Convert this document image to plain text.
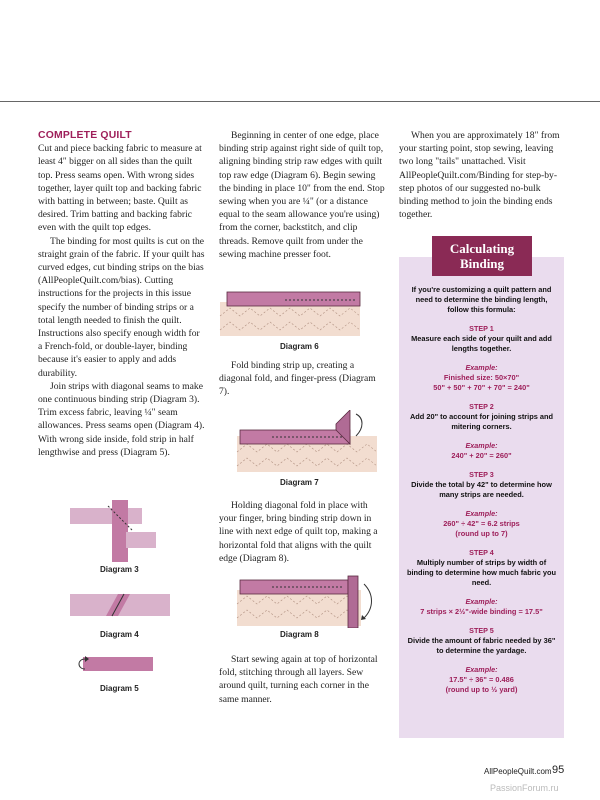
COMPLETE QUILT

Cut and piece backing fabric to measure at least 4" bigger on all sides than the quilt top. Press seams open. With wrong sides together, layer quilt top and backing fabric with batting in between; baste. Quilt as desired. Trim batting and backing fabric even with the quilt top edges.

The binding for most quilts is cut on the straight grain of the fabric. If your quilt has curved edges, cut binding strips on the bias (AllPeopleQuilt.com/bias). Cutting instructions for the projects in this issue specify the number of binding strips or a total length needed to finish the quilt. Instructions also specify enough width for a French-fold, or double-layer, binding because it's easier to apply and adds durability.

Join strips with diagonal seams to make one continuous binding strip (Diagram 3). Trim excess fabric, leaving ¼" seam allowances. Press seams open (Diagram 4). With wrong side inside, fold strip in half lengthwise and press (Diagram 5).

Diagram 3
Diagram 4
Diagram 5

Beginning in center of one edge, place binding strip against right side of quilt top, aligning binding strip raw edges with quilt top raw edge (Diagram 6). Begin sewing the binding in place 10" from the end. Stop sewing when you are ¼" (or a distance equal to the seam allowance you're using) from the corner, backstitch, and clip threads. Remove quilt from under the sewing machine presser foot.

Diagram 6

Fold binding strip up, creating a diagonal fold, and finger-press (Diagram 7).

Diagram 7

Holding diagonal fold in place with your finger, bring binding strip down in line with next edge of quilt top, making a horizontal fold that aligns with the quilt edge (Diagram 8).

Diagram 8

Start sewing again at top of horizontal fold, stitching through all layers. Sew around quilt, turning each corner in the same manner.

When you are approximately 18" from your starting point, stop sewing, leaving two long "tails" unattached. Visit AllPeopleQuilt.com/Binding for step-by-step photos of our suggested no-bulk binding method to join the binding ends together.

Calculating
Binding
If you're customizing a quilt pattern and need to determine the binding length, follow this formula:
STEP 1
Measure each side of your quilt and add lengths together.
Example:
Finished size: 50×70"
50" + 50" + 70" + 70" = 240"
STEP 2
Add 20" to account for joining strips and mitering corners.
Example:
240" + 20" = 260"
STEP 3
Divide the total by 42" to determine how many strips are needed.
Example:
260" ÷ 42" = 6.2 strips
(round up to 7)
STEP 4
Multiply number of strips by width of binding to determine how much fabric you need.
Example:
7 strips × 2½"-wide binding = 17.5"
STEP 5
Divide the amount of fabric needed by 36" to determine the yardage.
Example:
17.5" ÷ 36" = 0.486
(round up to ½ yard)
AllPeopleQuilt.com 95
PassionForum.ru
